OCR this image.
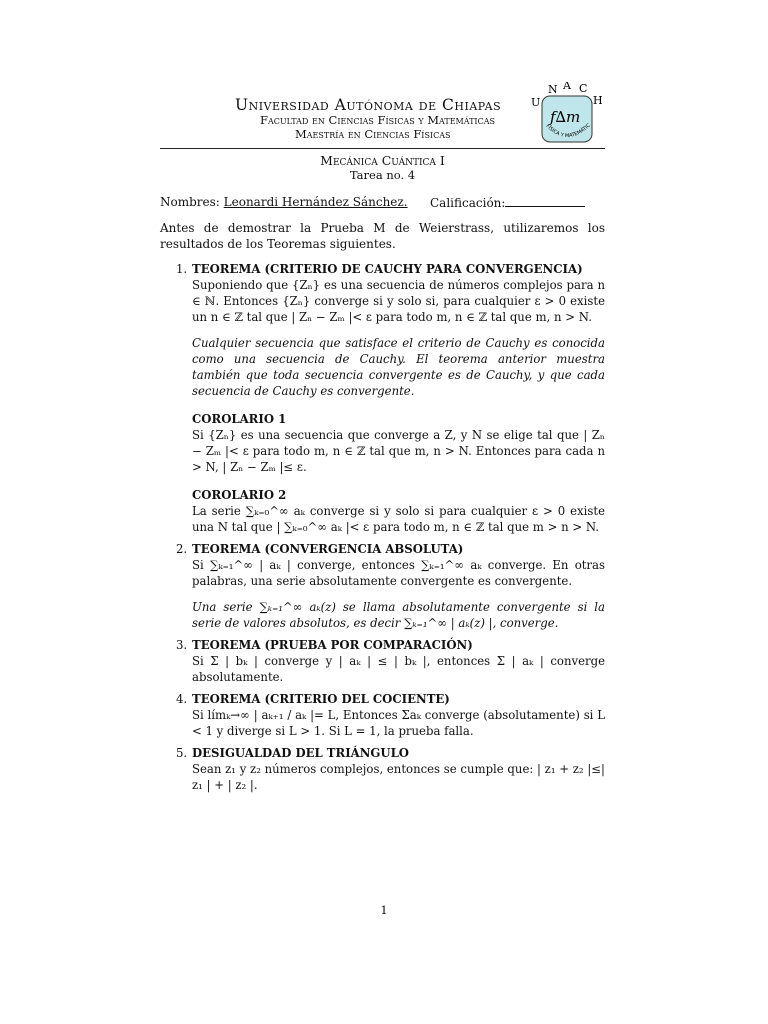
Universidad Autónoma de Chiapas
Facultad en Ciencias Físicas y Matemáticas
Maestría en Ciencias Físicas
U
N A C
H
f∆m
FÍSICA Y MATEMÁTIC
Mecánica Cuántica I
Tarea no. 4
Nombres: Leonardi Hernández Sánchez. Calificación:
Antes de demostrar la Prueba M de Weierstrass, utilizaremos los resultados de los Teoremas siguientes.
1. TEOREMA (CRITERIO DE CAUCHY PARA CONVERGENCIA)

Suponiendo que {Zₙ} es una secuencia de números complejos para n ∈ ℕ. Entonces {Zₙ} converge si y solo si, para cualquier ε > 0 existe un n ∈ ℤ tal que | Zₙ − Zₘ |< ε para todo m, n ∈ ℤ tal que m, n > N.

Cualquier secuencia que satisface el criterio de Cauchy es conocida como una secuencia de Cauchy. El teorema anterior muestra también que toda secuencia convergente es de Cauchy, y que cada secuencia de Cauchy es convergente.

COROLARIO 1

Si {Zₙ} es una secuencia que converge a Z, y N se elige tal que | Zₙ − Zₘ |< ε para todo m, n ∈ ℤ tal que m, n > N. Entonces para cada n > N, | Zₙ − Zₘ |≤ ε.

COROLARIO 2

La serie ∑ₖ₌₀^∞ aₖ converge si y solo si para cualquier ε > 0 existe una N tal que | ∑ₖ₌₀^∞ aₖ |< ε para todo m, n ∈ ℤ tal que m > n > N.

2. TEOREMA (CONVERGENCIA ABSOLUTA)

Si ∑ₖ₌₁^∞ | aₖ | converge, entonces ∑ₖ₌₁^∞ aₖ converge. En otras palabras, una serie absolutamente convergente es convergente.

Una serie ∑ₖ₌₁^∞ aₖ(z) se llama absolutamente convergente si la serie de valores absolutos, es decir ∑ₖ₌₁^∞ | aₖ(z) |, converge.

3. TEOREMA (PRUEBA POR COMPARACIÓN)

Si Σ | bₖ | converge y | aₖ | ≤ | bₖ |, entonces Σ | aₖ | converge absolutamente.

4. TEOREMA (CRITERIO DEL COCIENTE)

Si límₖ→∞ | aₖ₊₁ / aₖ |= L, Entonces Σaₖ converge (absolutamente) si L < 1 y diverge si L > 1. Si L = 1, la prueba falla.

5. DESIGUALDAD DEL TRIÁNGULO

Sean z₁ y z₂ números complejos, entonces se cumple que: | z₁ + z₂ |≤| z₁ | + | z₂ |.

1
